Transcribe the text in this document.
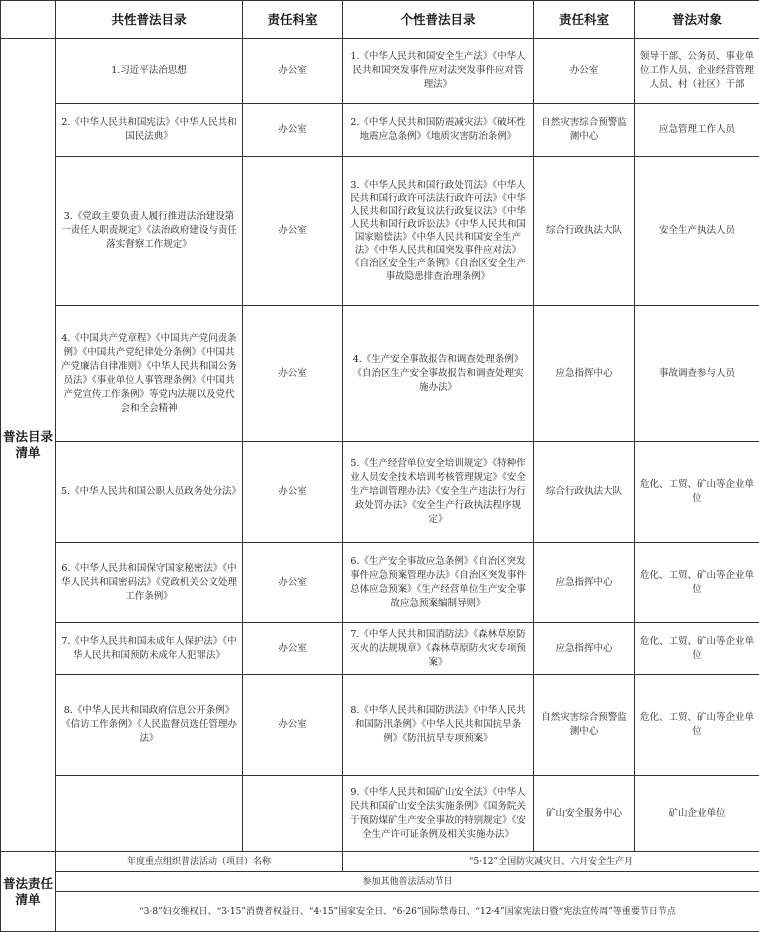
	共性普法目录	责任科室	个性普法目录	责任科室	普法对象
普法目录清单	1.习近平法治思想	办公室	1.《中华人民共和国安全生产法》《中华人民共和国突发事件应对法突发事件应对管理法》	办公室	领导干部、公务员、事业单位工作人员、企业经营管理人员、村（社区）干部
	2.《中华人民共和国宪法》《中华人民共和国民法典》	办公室	2.《中华人民共和国防震减灾法》《破坏性地震应急条例》《地质灾害防治条例》	自然灾害综合预警监测中心	应急管理工作人员
	3.《党政主要负责人履行推进法治建设第一责任人职责规定》《法治政府建设与责任落实督察工作规定》	办公室	3.《中华人民共和国行政处罚法》《中华人民共和国行政许可法法行政许可法》《中华人民共和国行政复议法行政复议法》《中华人民共和国行政诉讼法》《中华人民共和国国家赔偿法》《中华人民共和国安全生产法》《中华人民共和国突发事件应对法》《自治区安全生产条例》《自治区安全生产事故隐患排查治理条例》	综合行政执法大队	安全生产执法人员
	4.《中国共产党章程》《中国共产党问责条例》《中国共产党纪律处分条例》《中国共产党廉洁自律准则》《中华人民共和国公务员法》《事业单位人事管理条例》《中国共产党宣传工作条例》等党内法规以及党代会和全会精神	办公室	4.《生产安全事故报告和调查处理条例》《自治区生产安全事故报告和调查处理实施办法》	应急指挥中心	事故调查参与人员
	5.《中华人民共和国公职人员政务处分法》	办公室	5.《生产经营单位安全培训规定》《特种作业人员安全技术培训考核管理规定》《安全生产培训管理办法》《安全生产违法行为行政处罚办法》《安全生产行政执法程序规定》	综合行政执法大队	危化、工贸、矿山等企业单位
	6.《中华人民共和国保守国家秘密法》《中华人民共和国密码法》《党政机关公文处理工作条例》	办公室	6.《生产安全事故应急条例》《自治区突发事件应急预案管理办法》《自治区突发事件总体应急预案》《生产经营单位生产安全事故应急预案编制导则》	应急指挥中心	危化、工贸、矿山等企业单位
	7.《中华人民共和国未成年人保护法》《中华人民共和国预防未成年人犯罪法》	办公室	7.《中华人民共和国消防法》《森林草原防灭火的法规规章》《森林草原防火灾专项预案》	应急指挥中心	危化、工贸、矿山等企业单位
	8.《中华人民共和国政府信息公开条例》《信访工作条例》《人民监督员选任管理办法》	办公室	8.《中华人民共和国防洪法》《中华人民共和国防汛条例》《中华人民共和国抗旱条例》《防汛抗旱专项预案》	自然灾害综合预警监测中心	危化、工贸、矿山等企业单位
			9.《中华人民共和国矿山安全法》《中华人民共和国矿山安全法实施条例》《国务院关于预防煤矿生产安全事故的特别规定》《安全生产许可证条例及相关实施办法》	矿山安全服务中心	矿山企业单位
普法责任清单	年度重点组织普法活动（项目）名称		“5·12”全国防灾减灾日、六月安全生产月		
	参加其他普法活动节日				
	“3·8”妇女维权日、“3·15”消费者权益日、“4·15”国家安全日、“6·26”国际禁毒日、“12·4”国家宪法日暨“宪法宣传周”等重要节日节点				
